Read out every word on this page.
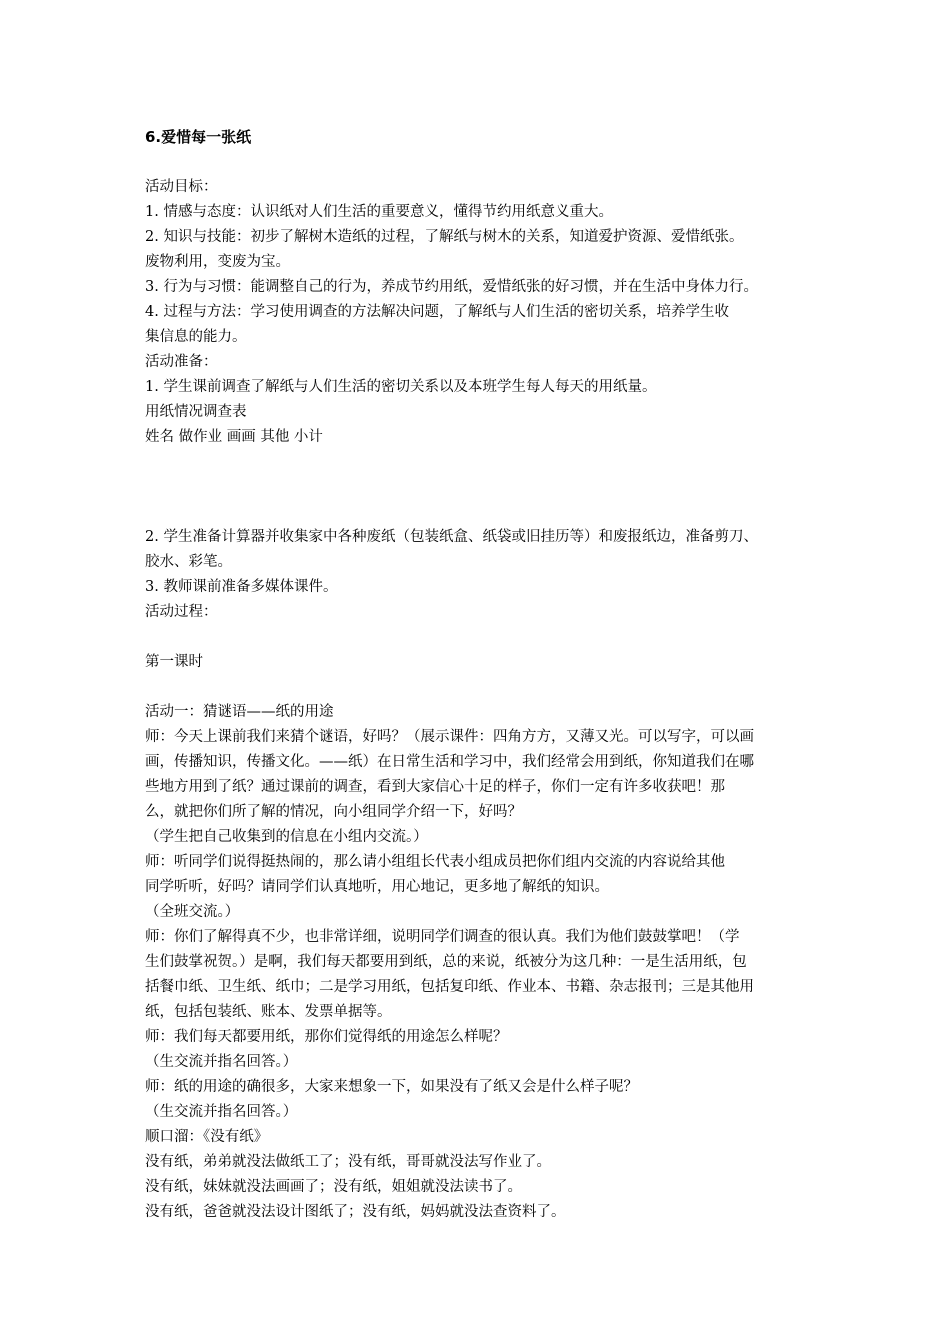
6.爱惜每一张纸
活动目标：
1. 情感与态度：认识纸对人们生活的重要意义，懂得节约用纸意义重大。
2. 知识与技能：初步了解树木造纸的过程，了解纸与树木的关系，知道爱护资源、爱惜纸张。
废物利用，变废为宝。
3. 行为与习惯：能调整自己的行为，养成节约用纸，爱惜纸张的好习惯，并在生活中身体力行。
4. 过程与方法：学习使用调查的方法解决问题，了解纸与人们生活的密切关系，培养学生收
集信息的能力。
活动准备：
1. 学生课前调查了解纸与人们生活的密切关系以及本班学生每人每天的用纸量。
用纸情况调查表
姓名 做作业 画画 其他 小计
2. 学生准备计算器并收集家中各种废纸（包装纸盒、纸袋或旧挂历等）和废报纸边，准备剪刀、
胶水、彩笔。
3. 教师课前准备多媒体课件。
活动过程：
第一课时
活动一：猜谜语——纸的用途
师：今天上课前我们来猜个谜语，好吗？（展示课件：四角方方，又薄又光。可以写字，可以画
画，传播知识，传播文化。——纸）在日常生活和学习中，我们经常会用到纸，你知道我们在哪
些地方用到了纸？通过课前的调查，看到大家信心十足的样子，你们一定有许多收获吧！那
么，就把你们所了解的情况，向小组同学介绍一下，好吗？
（学生把自己收集到的信息在小组内交流。）
师：听同学们说得挺热闹的，那么请小组组长代表小组成员把你们组内交流的内容说给其他
同学听听，好吗？请同学们认真地听，用心地记，更多地了解纸的知识。
（全班交流。）
师：你们了解得真不少，也非常详细，说明同学们调查的很认真。我们为他们鼓鼓掌吧！（学
生们鼓掌祝贺。）是啊，我们每天都要用到纸，总的来说，纸被分为这几种：一是生活用纸，包
括餐巾纸、卫生纸、纸巾；二是学习用纸，包括复印纸、作业本、书籍、杂志报刊；三是其他用
纸，包括包装纸、账本、发票单据等。
师：我们每天都要用纸，那你们觉得纸的用途怎么样呢？
（生交流并指名回答。）
师：纸的用途的确很多，大家来想象一下，如果没有了纸又会是什么样子呢？
（生交流并指名回答。）
顺口溜：《没有纸》
没有纸，弟弟就没法做纸工了；没有纸，哥哥就没法写作业了。
没有纸，妹妹就没法画画了；没有纸，姐姐就没法读书了。
没有纸，爸爸就没法设计图纸了；没有纸，妈妈就没法查资料了。
